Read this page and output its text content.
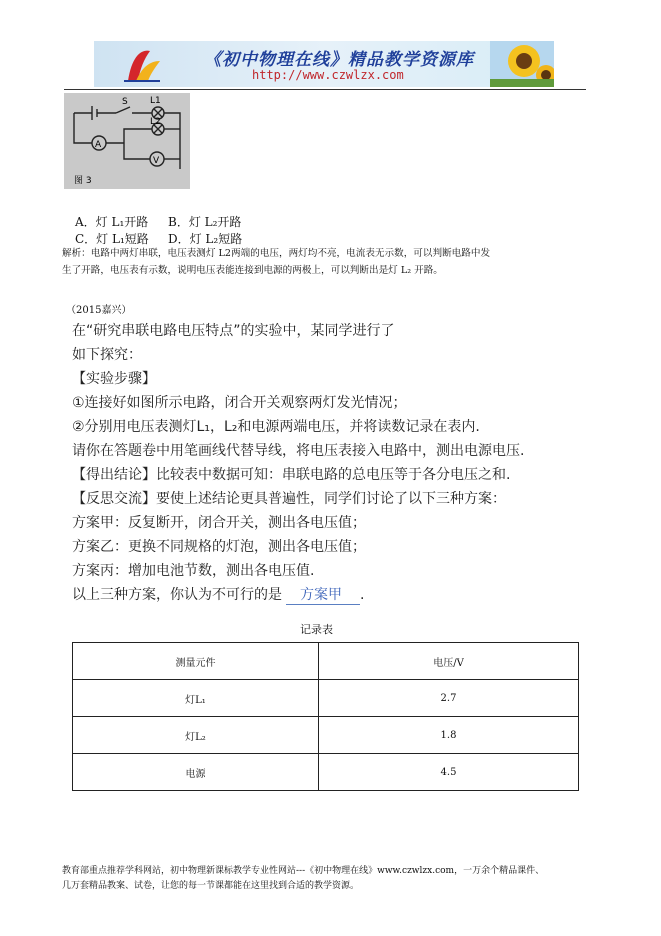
《初中物理在线》精品教学资源库
http://www.czwlzx.com
S L1
L2
A
V
图 3
A．灯 L₁开路 B．灯 L₂开路
C．灯 L₁短路 D．灯 L₂短路
解析：电路中两灯串联，电压表测灯 L2两端的电压，两灯均不亮，电流表无示数，可以判断电路中发
生了开路，电压表有示数，说明电压表能连接到电源的两极上，可以判断出是灯 L₂ 开路。
（2015嘉兴）
在“研究串联电路电压特点”的实验中，某同学进行了
如下探究：
【实验步骤】
①连接好如图所示电路，闭合开关观察两灯发光情况；
②分别用电压表测灯L₁，L₂和电源两端电压，并将读数记录在表内.
请你在答题卷中用笔画线代替导线，将电压表接入电路中，测出电源电压.
【得出结论】比较表中数据可知：串联电路的总电压等于各分电压之和.
【反思交流】要使上述结论更具普遍性，同学们讨论了以下三种方案：
方案甲：反复断开，闭合开关，测出各电压值；
方案乙：更换不同规格的灯泡，测出各电压值；
方案丙：增加电池节数，测出各电压值.
以上三种方案，你认为不可行的是 方案甲 .
记录表
测量元件	电压/V
灯L₁	2.7
灯L₂	1.8
电源	4.5
教育部重点推荐学科网站，初中物理新课标教学专业性网站---《初中物理在线》www.czwlzx.com，一万余个精品课件、
几万套精品教案、试卷，让您的每一节课都能在这里找到合适的教学资源。
